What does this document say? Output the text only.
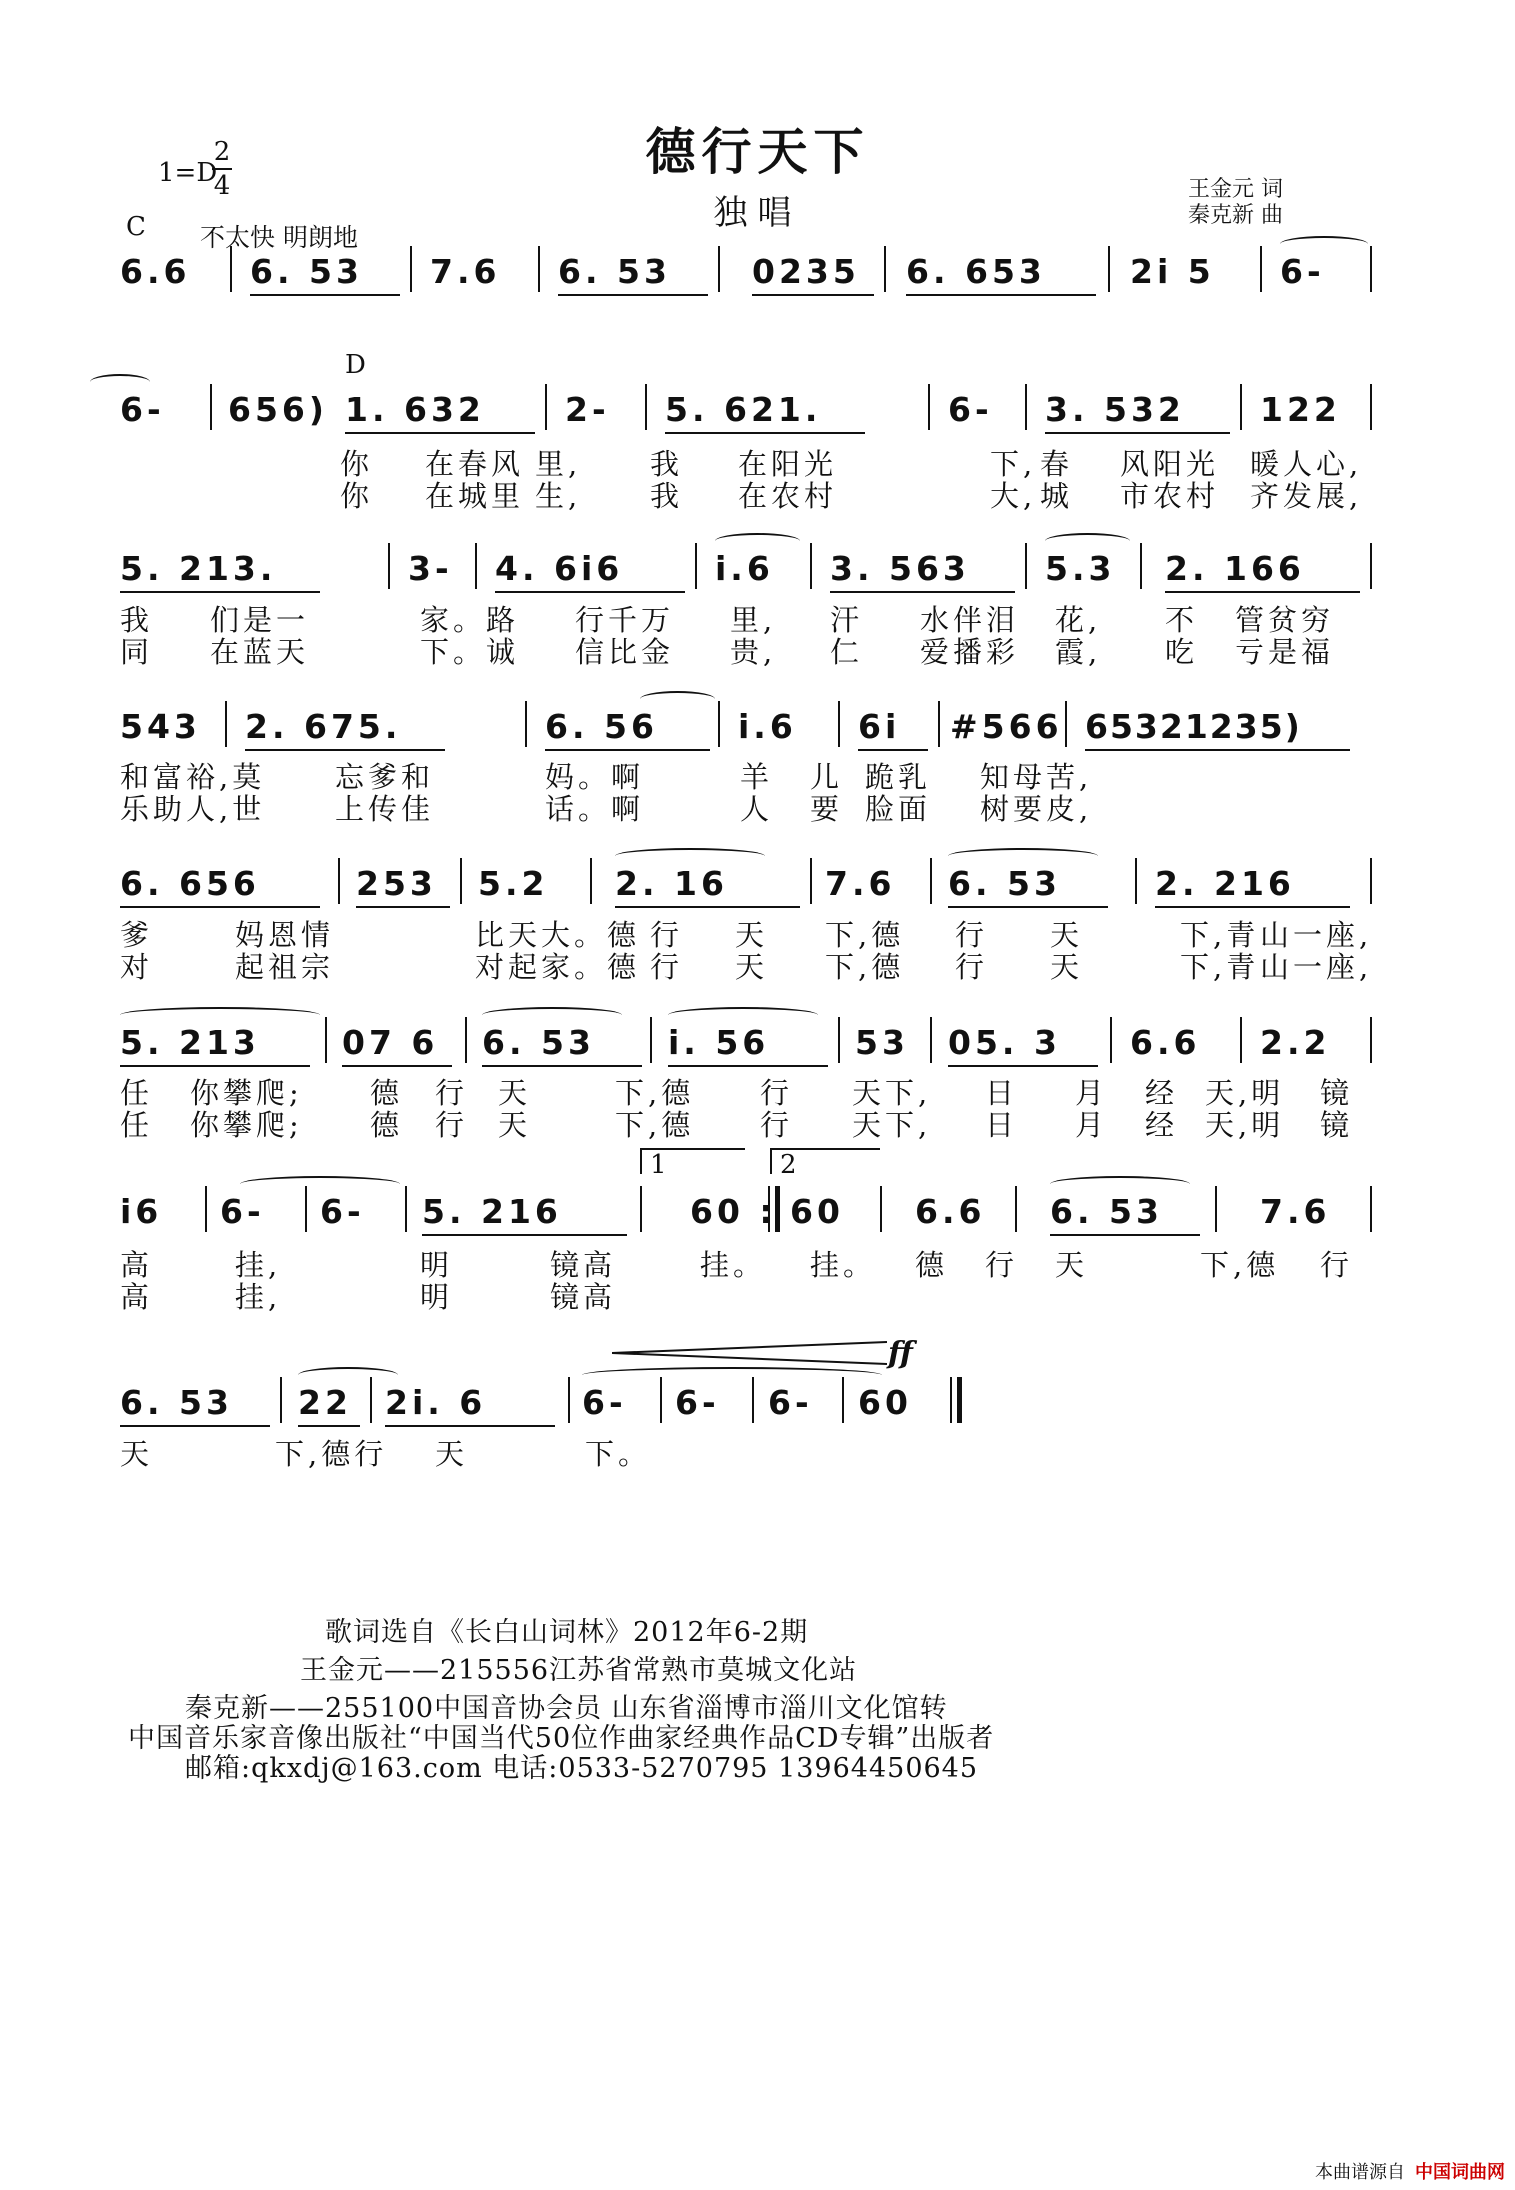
1=D
2
4
德行天下
独唱
王金元 词
秦克新 曲
C 不太快 明朗地
D
6.6 6. 53 7.6 6. 53 0235 6. 653	2i 5 6-
6- 656) 1. 632 2- 5. 621.	6- 3. 532 122
你 在春风 里, 我 在阳光	下, 春 风阳光 暖人心,
你 在城里 生, 我 在农村	大, 城 市农村 齐发展,
5. 213.	3- 4. 6i6	i.6 3. 563 5.3 2. 166
我 们是一	家。路 行千万 里, 汗 水伴泪 花, 不 管贫穷
同 在蓝天	下。诚 信比金 贵, 仁 爱播彩 霞, 吃 亏是福
543 2. 675.	6. 56 i.6 6i #566 65321235)
和富裕,莫 忘爹和	妈。啊	羊 儿 跪乳 知母苦,
乐助人,世 上传佳	话。啊	人 要 脸面 树要皮,
6. 656	253 5.2 2. 16	7.6 6. 53	2. 216
爹	妈恩情	比天大。德 行 天 下,德 行 天	下,青 山一座,
对	起祖宗	对起家。德 行 天 下,德 行 天	下,青 山一座,
5. 213 07 6 6. 53 i. 56	53 05. 3 6.6 2.2
任 你攀爬; 德 行 天	下,德 行 天下, 日 月 经 天,明 镜
任 你攀爬; 德 行 天	下,德 行 天下, 日 月 经 天,明 镜
1	2
i6 6- 6- 5. 216	60 : 60 6.6 6. 53	7.6
高	挂,	明	镜高	挂。 挂。 德 行 天	下,德 行
高	挂,	明	镜高
ff
6. 53 22 2i. 6	6- 6- 6- 60
天	下,德行 天	下。
歌词选自《长白山词林》2012年6-2期
王金元——215556江苏省常熟市莫城文化站
秦克新——255100中国音协会员 山东省淄博市淄川文化馆转
中国音乐家音像出版社“中国当代50位作曲家经典作品CD专辑”出版者
邮箱:qkxdj@163.com 电话:0533-5270795 13964450645
本曲谱源自 中国词曲网
